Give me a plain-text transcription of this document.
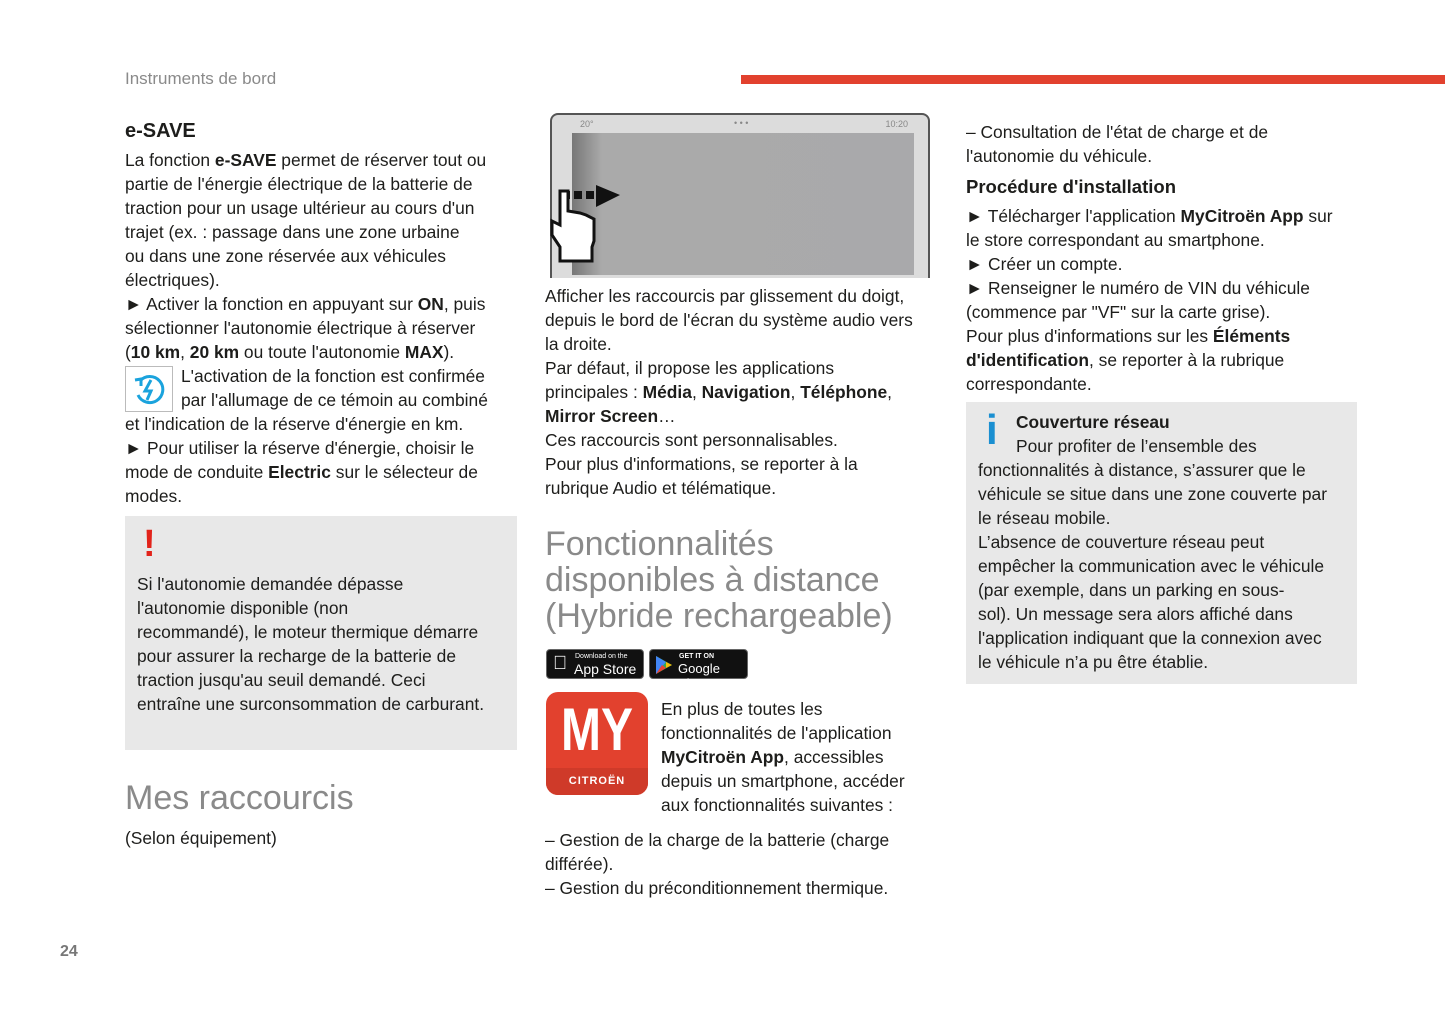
Instruments de bord
24
e-SAVE
La fonction e-SAVE permet de réserver tout ou
partie de l'énergie électrique de la batterie de
traction pour un usage ultérieur au cours d'un
trajet (ex. : passage dans une zone urbaine
ou dans une zone réservée aux véhicules
électriques).
► Activer la fonction en appuyant sur ON, puis
sélectionner l'autonomie électrique à réserver
(10 km, 20 km ou toute l'autonomie MAX).
L'activation de la fonction est confirmée
par l'allumage de ce témoin au combiné
et l'indication de la réserve d'énergie en km.
► Pour utiliser la réserve d'énergie, choisir le
mode de conduite Electric sur le sélecteur de
modes.

!

Si l'autonomie demandée dépasse
l'autonomie disponible (non
recommandé), le moteur thermique démarre
pour assurer la recharge de la batterie de
traction jusqu'au seuil demandé. Ceci
entraîne une surconsommation de carburant.

Mes raccourcis
(Selon équipement)
20°	• • •	10:20
Afficher les raccourcis par glissement du doigt,
depuis le bord de l'écran du système audio vers
la droite.
Par défaut, il propose les applications
principales : Média, Navigation, Téléphone,
Mirror Screen…
Ces raccourcis sont personnalisables.
Pour plus d'informations, se reporter à la
rubrique Audio et télématique.
Fonctionnalités
disponibles à distance
(Hybride rechargeable)
Download on the
App Store
GET IT ON
Google Play
MY
CITROËN
En plus de toutes les
fonctionnalités de l'application
MyCitroën App, accessibles
depuis un smartphone, accéder
aux fonctionnalités suivantes :
– Gestion de la charge de la batterie (charge
différée).
– Gestion du préconditionnement thermique.
– Consultation de l'état de charge et de
l'autonomie du véhicule.
Procédure d'installation
► Télécharger l'application MyCitroën App sur
le store correspondant au smartphone.
► Créer un compte.
► Renseigner le numéro de VIN du véhicule
(commence par "VF" sur la carte grise).
Pour plus d'informations sur les Éléments
d'identification, se reporter à la rubrique
correspondante.
i	Couverture réseau
Pour profiter de l’ensemble des
fonctionnalités à distance, s’assurer que le
véhicule se situe dans une zone couverte par
le réseau mobile.
L’absence de couverture réseau peut
empêcher la communication avec le véhicule
(par exemple, dans un parking en sous-
sol). Un message sera alors affiché dans
l'application indiquant que la connexion avec
le véhicule n’a pu être établie.
